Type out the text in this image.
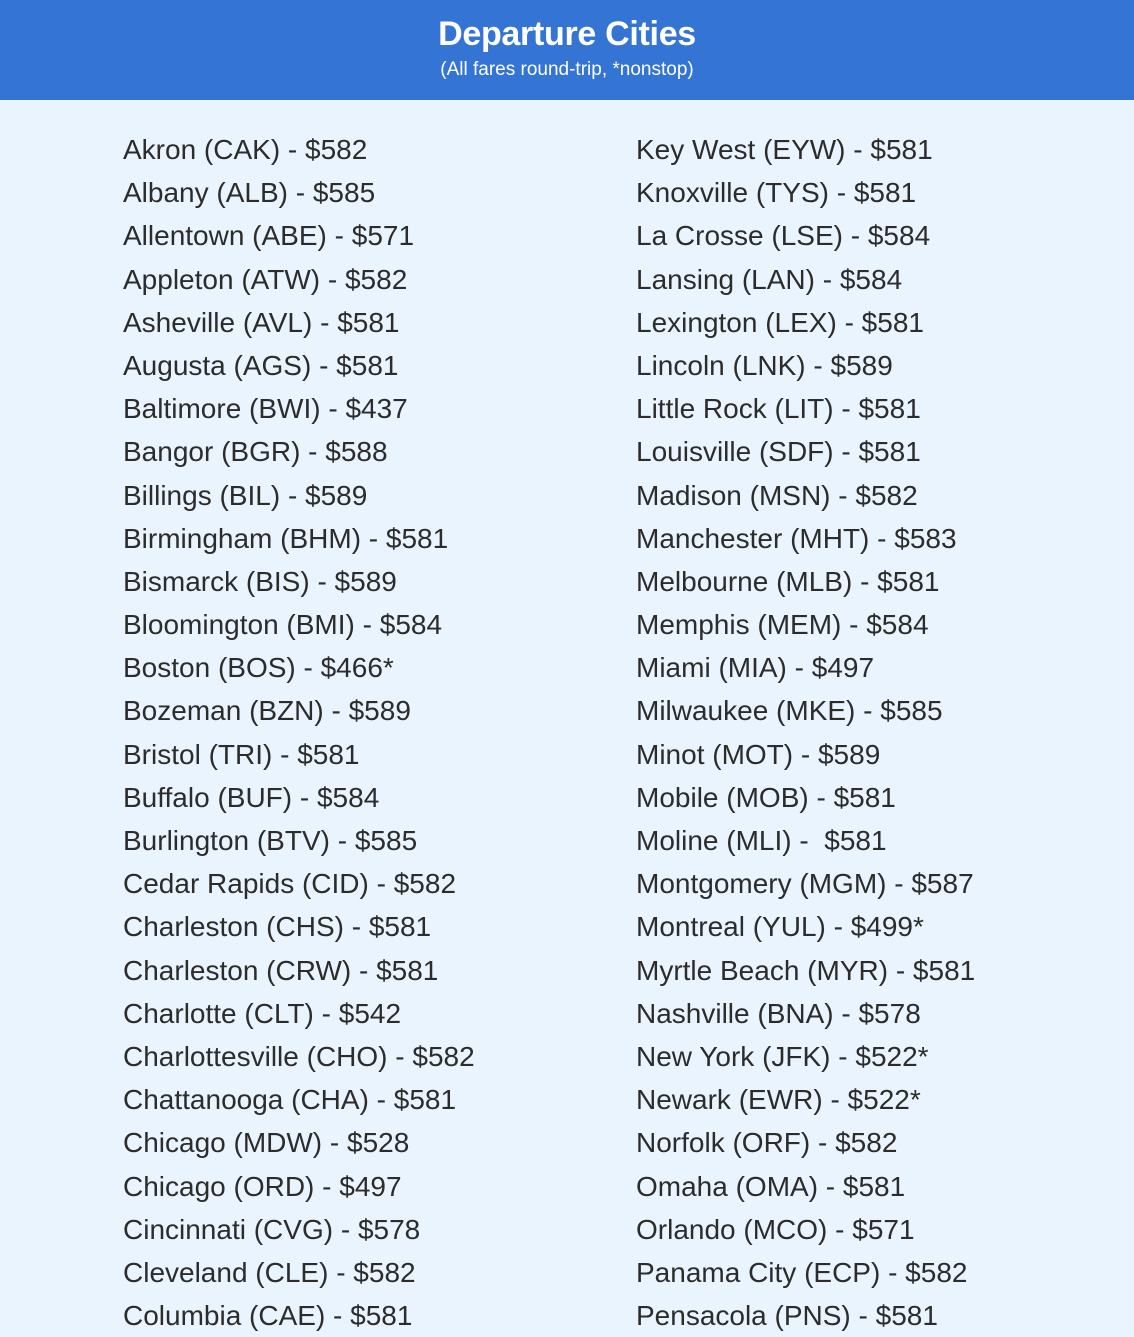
Departure Cities
(All fares round-trip, *nonstop)
Akron (CAK) - $582
Albany (ALB) - $585
Allentown (ABE) - $571
Appleton (ATW) - $582
Asheville (AVL) - $581
Augusta (AGS) - $581
Baltimore (BWI) - $437
Bangor (BGR) - $588
Billings (BIL) - $589
Birmingham (BHM) - $581
Bismarck (BIS) - $589
Bloomington (BMI) - $584
Boston (BOS) - $466*
Bozeman (BZN) - $589
Bristol (TRI) - $581
Buffalo (BUF) - $584
Burlington (BTV) - $585
Cedar Rapids (CID) - $582
Charleston (CHS) - $581
Charleston (CRW) - $581
Charlotte (CLT) - $542
Charlottesville (CHO) - $582
Chattanooga (CHA) - $581
Chicago (MDW) - $528
Chicago (ORD) - $497
Cincinnati (CVG) - $578
Cleveland (CLE) - $582
Columbia (CAE) - $581
Key West (EYW) - $581
Knoxville (TYS) - $581
La Crosse (LSE) - $584
Lansing (LAN) - $584
Lexington (LEX) - $581
Lincoln (LNK) - $589
Little Rock (LIT) - $581
Louisville (SDF) - $581
Madison (MSN) - $582
Manchester (MHT) - $583
Melbourne (MLB) - $581
Memphis (MEM) - $584
Miami (MIA) - $497
Milwaukee (MKE) - $585
Minot (MOT) - $589
Mobile (MOB) - $581
Moline (MLI) -  $581
Montgomery (MGM) - $587
Montreal (YUL) - $499*
Myrtle Beach (MYR) - $581
Nashville (BNA) - $578
New York (JFK) - $522*
Newark (EWR) - $522*
Norfolk (ORF) - $582
Omaha (OMA) - $581
Orlando (MCO) - $571
Panama City (ECP) - $582
Pensacola (PNS) - $581
